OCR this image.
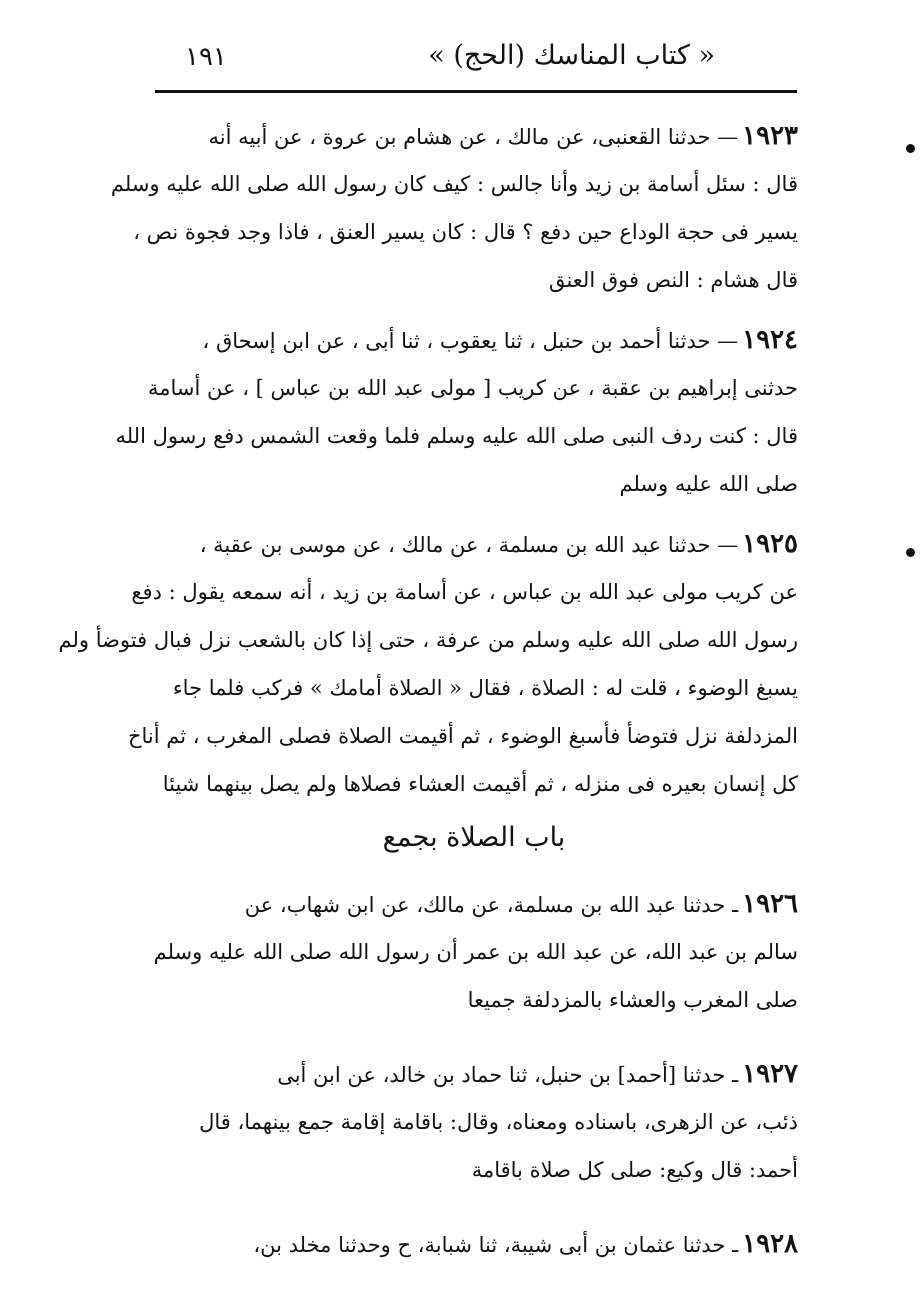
« كتاب المناسك (الحج) »
١٩١
١٩٢٣— حدثنا القعنبى، عن مالك ، عن هشام بن عروة ، عن أبيه أنه
قال : سئل أسامة بن زيد وأنا جالس : كيف كان رسول الله صلى الله عليه وسلم
يسير فى حجة الوداع حين دفع ؟ قال : كان يسير العنق ، فاذا وجد فجوة نص ،
قال هشام : النص فوق العنق
١٩٢٤— حدثنا أحمد بن حنبل ، ثنا يعقوب ، ثنا أبى ، عن ابن إسحاق ،
حدثنى إبراهيم بن عقبة ، عن كريب [ مولى عبد الله بن عباس ] ، عن أسامة
قال : كنت ردف النبى صلى الله عليه وسلم فلما وقعت الشمس دفع رسول الله
صلى الله عليه وسلم
١٩٢٥— حدثنا عبد الله بن مسلمة ، عن مالك ، عن موسى بن عقبة ،
عن كريب مولى عبد الله بن عباس ، عن أسامة بن زيد ، أنه سمعه يقول : دفع
رسول الله صلى الله عليه وسلم من عرفة ، حتى إذا كان بالشعب نزل فبال فتوضأ ولم
يسبغ الوضوء ، قلت له : الصلاة ، فقال « الصلاة أمامك » فركب فلما جاء
المزدلفة نزل فتوضأ فأسبغ الوضوء ، ثم أقيمت الصلاة فصلى المغرب ، ثم أناخ
كل إنسان بعيره فى منزله ، ثم أقيمت العشاء فصلاها ولم يصل بينهما شيئا
باب الصلاة بجمع
١٩٢٦ـ حدثنا عبد الله بن مسلمة، عن مالك، عن ابن شهاب، عن
سالم بن عبد الله، عن عبد الله بن عمر أن رسول الله صلى الله عليه وسلم
صلى المغرب والعشاء بالمزدلفة جميعا
١٩٢٧ـ حدثنا [أحمد] بن حنبل، ثنا حماد بن خالد، عن ابن أبى
ذئب، عن الزهرى، باسناده ومعناه، وقال: باقامة إقامة جمع بينهما، قال
أحمد: قال وكيع: صلى كل صلاة باقامة
١٩٢٨ـ حدثنا عثمان بن أبى شيبة، ثنا شبابة، ح وحدثنا مخلد بن،
